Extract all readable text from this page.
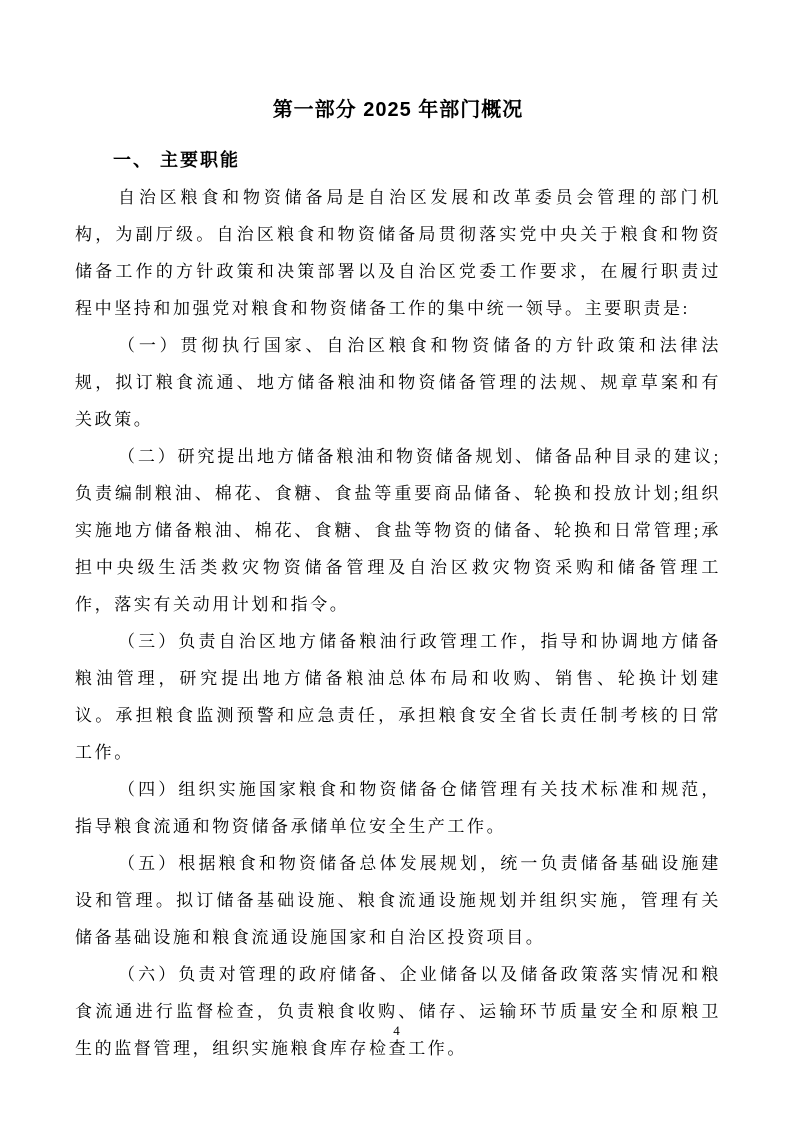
第一部分 2025 年部门概况
一、 主要职能

自治区粮食和物资储备局是自治区发展和改革委员会管理的部门机构，为副厅级。自治区粮食和物资储备局贯彻落实党中央关于粮食和物资储备工作的方针政策和决策部署以及自治区党委工作要求，在履行职责过程中坚持和加强党对粮食和物资储备工作的集中统一领导。主要职责是:

（一）贯彻执行国家、自治区粮食和物资储备的方针政策和法律法规，拟订粮食流通、地方储备粮油和物资储备管理的法规、规章草案和有关政策。

（二）研究提出地方储备粮油和物资储备规划、储备品种目录的建议;负责编制粮油、棉花、食糖、食盐等重要商品储备、轮换和投放计划;组织实施地方储备粮油、棉花、食糖、食盐等物资的储备、轮换和日常管理;承担中央级生活类救灾物资储备管理及自治区救灾物资采购和储备管理工作，落实有关动用计划和指令。

（三）负责自治区地方储备粮油行政管理工作，指导和协调地方储备粮油管理，研究提出地方储备粮油总体布局和收购、销售、轮换计划建议。承担粮食监测预警和应急责任，承担粮食安全省长责任制考核的日常工作。

（四）组织实施国家粮食和物资储备仓储管理有关技术标准和规范，指导粮食流通和物资储备承储单位安全生产工作。

（五）根据粮食和物资储备总体发展规划，统一负责储备基础设施建设和管理。拟订储备基础设施、粮食流通设施规划并组织实施，管理有关储备基础设施和粮食流通设施国家和自治区投资项目。

（六）负责对管理的政府储备、企业储备以及储备政策落实情况和粮食流通进行监督检查，负责粮食收购、储存、运输环节质量安全和原粮卫生的监督管理，组织实施粮食库存检查工作。

4
